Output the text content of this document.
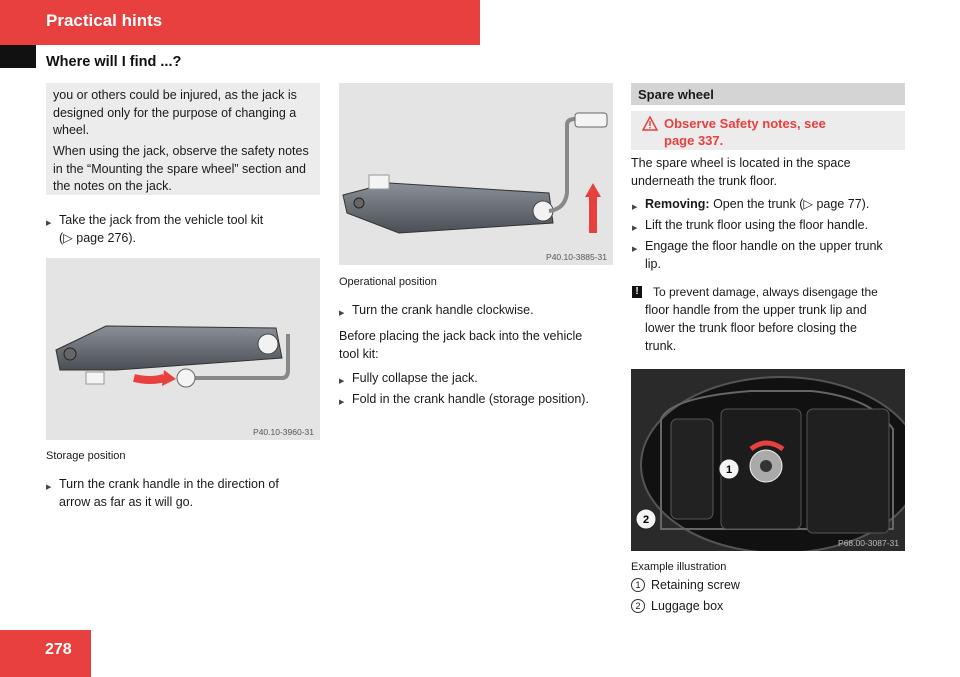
Practical hints
Where will I find ...?
you or others could be injured, as the jack is designed only for the purpose of changing a wheel.
When using the jack, observe the safety notes in the “Mounting the spare wheel” section and the notes on the jack.
▶ Take the jack from the vehicle tool kit
(▷ page 276).
P40.10-3960-31
Storage position
▶ Turn the crank handle in the direction of
arrow as far as it will go.
P40.10-3885-31
Operational position
▶ Turn the crank handle clockwise.
Before placing the jack back into the vehicle
tool kit:
▶ Fully collapse the jack.
▶ Fold in the crank handle (storage position).
Spare wheel
Observe Safety notes, see
page 337.
The spare wheel is located in the space
underneath the trunk floor.
▶ Removing: Open the trunk (▷ page 77).
▶ Lift the trunk floor using the floor handle.
▶ Engage the floor handle on the upper trunk
lip.
! To prevent damage, always disengage the
floor handle from the upper trunk lip and
lower the trunk floor before closing the
trunk.
1
2
P68.00-3087-31
Example illustration
1 Retaining screw
2 Luggage box
278
